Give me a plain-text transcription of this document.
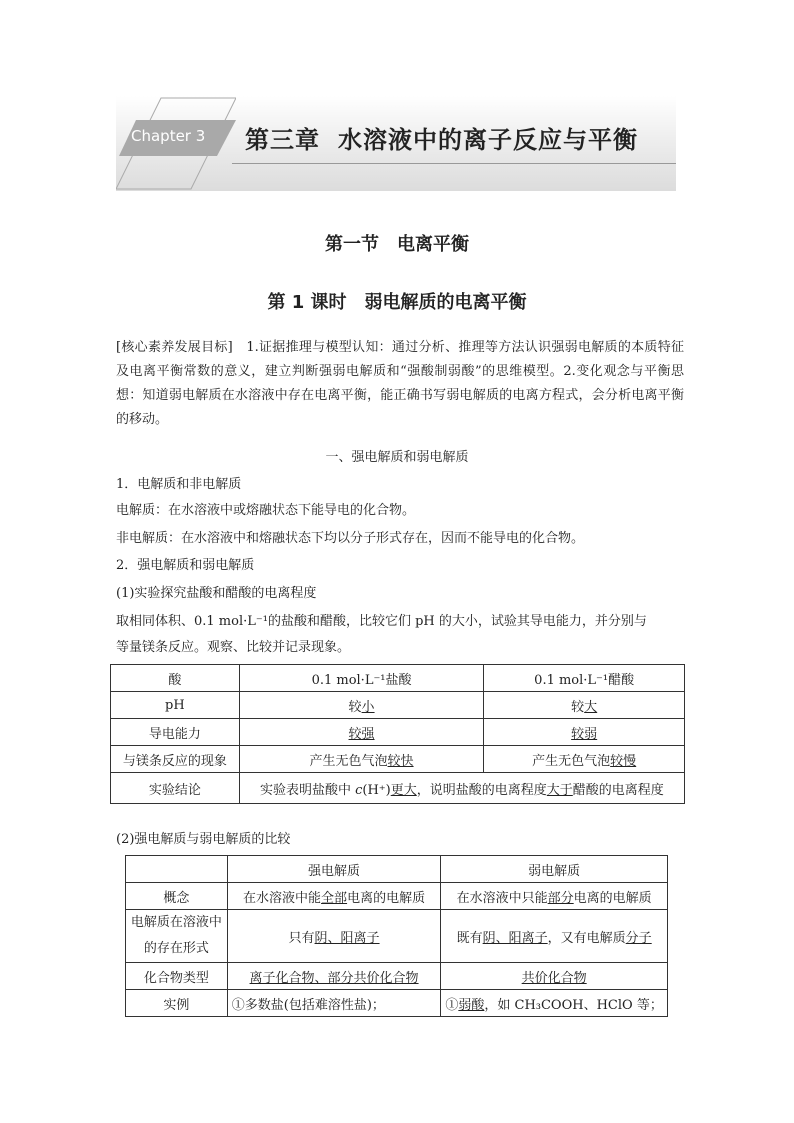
Chapter 3 第三章 水溶液中的离子反应与平衡
第一节　电离平衡
第 1 课时　弱电解质的电离平衡
[核心素养发展目标]　1.证据推理与模型认知：通过分析、推理等方法认识强弱电解质的本质特征及电离平衡常数的意义，建立判断强弱电解质和“强酸制弱酸”的思维模型。2.变化观念与平衡思想：知道弱电解质在水溶液中存在电离平衡，能正确书写弱电解质的电离方程式，会分析电离平衡的移动。
一、强电解质和弱电解质
1．电解质和非电解质
电解质：在水溶液中或熔融状态下能导电的化合物。
非电解质：在水溶液中和熔融状态下均以分子形式存在，因而不能导电的化合物。
2．强电解质和弱电解质
(1)实验探究盐酸和醋酸的电离程度
取相同体积、0.1 mol·L⁻¹的盐酸和醋酸，比较它们 pH 的大小，试验其导电能力，并分别与
等量镁条反应。观察、比较并记录现象。
酸	0.1 mol·L⁻¹盐酸	0.1 mol·L⁻¹醋酸
pH	较小	较大
导电能力	较强	较弱
与镁条反应的现象	产生无色气泡较快	产生无色气泡较慢
实验结论	实验表明盐酸中 c(H⁺)更大，说明盐酸的电离程度大于醋酸的电离程度	
(2)强电解质与弱电解质的比较
	强电解质	弱电解质
概念	在水溶液中能全部电离的电解质	在水溶液中只能部分电离的电解质
电解质在溶液中的存在形式	只有阴、阳离子	既有阴、阳离子，又有电解质分子
化合物类型	离子化合物、部分共价化合物	共价化合物
实例	①多数盐(包括难溶性盐)；	①弱酸，如 CH₃COOH、HClO 等；
